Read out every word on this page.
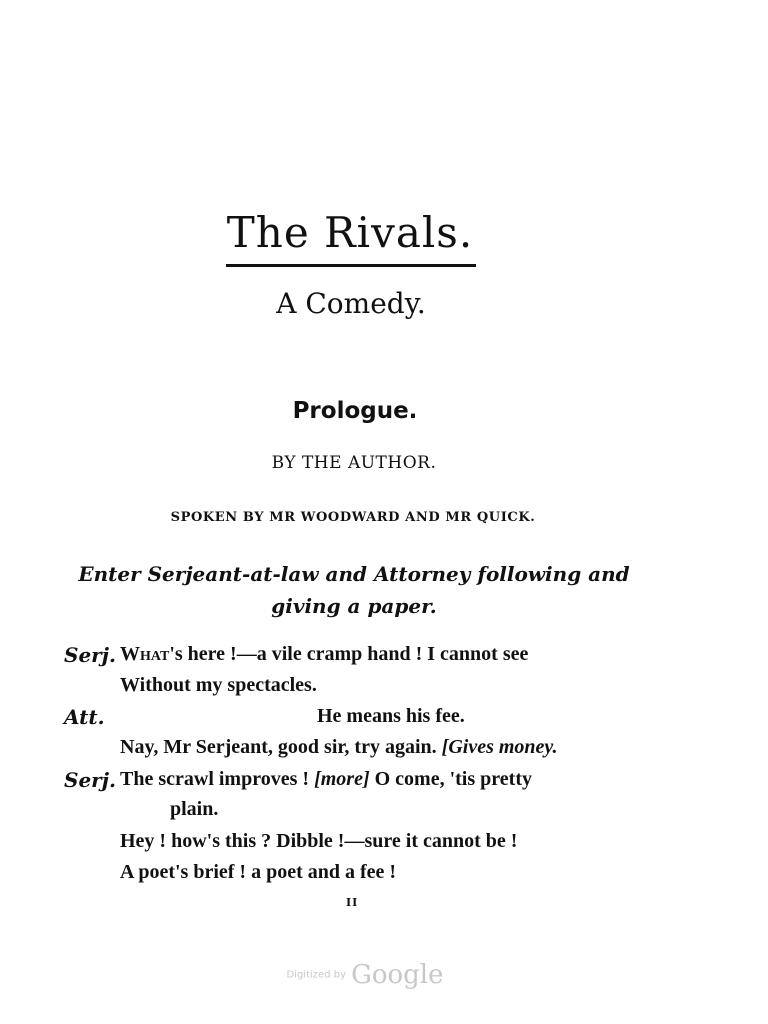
The Rivals.
A Comedy.
Prologue.
BY THE AUTHOR.
SPOKEN BY MR WOODWARD AND MR QUICK.
Enter Serjeant-at-law and Attorney following and giving a paper.
Serj. What's here !—a vile cramp hand ! I cannot see
Without my spectacles.
Att.	He means his fee.
Nay, Mr Serjeant, good sir, try again. [Gives money.
Serj. The scrawl improves ! [more] O come, 'tis pretty
plain.
Hey ! how's this ? Dibble !—sure it cannot be !
A poet's brief ! a poet and a fee !
II
Digitized by Google
